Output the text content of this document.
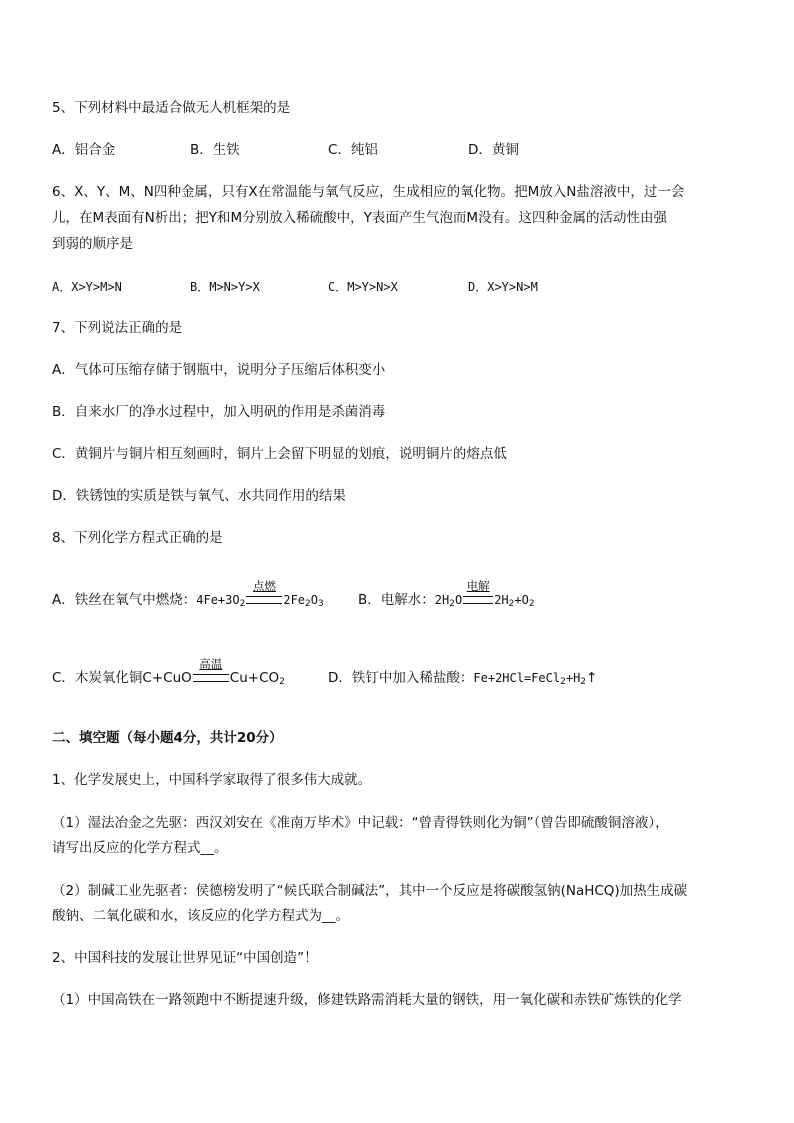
5、下列材料中最适合做无人机框架的是
A．铝合金	B．生铁	C．纯铝	D．黄铜
6、X、Y、M、N四种金属，只有X在常温能与氧气反应，生成相应的氧化物。把M放入N盐溶液中，过一会
儿，在M表面有N析出；把Y和M分别放入稀硫酸中，Y表面产生气泡而M没有。这四种金属的活动性由强
到弱的顺序是
A．X>Y>M>N	B．M>N>Y>X	C．M>Y>N>X	D．X>Y>N>M
7、下列说法正确的是
A．气体可压缩存储于钢瓶中，说明分子压缩后体积变小
B．自来水厂的净水过程中，加入明矾的作用是杀菌消毒
C．黄铜片与铜片相互刻画时，铜片上会留下明显的划痕，说明铜片的熔点低
D．铁锈蚀的实质是铁与氧气、水共同作用的结果
8、下列化学方程式正确的是
A．铁丝在氧气中燃烧：$4Fe+3O_2$
点燃
$2Fe_2O_3$	B．电解水：$2H_2O$
电解
$2H_2+O_2$
C．木炭氧化铜C+CuO
高温
$Cu+CO_2$	D．铁钉中加入稀盐酸：$Fe+2HCl=FeCl_2+H_2↑$
二、填空题（每小题4分，共计20分）
1、化学发展史上，中国科学家取得了很多伟大成就。
（1）湿法冶金之先驱：西汉刘安在《准南万毕术》中记载：“曾青得铁则化为铜”（曾告即硫酸铜溶液），
请写出反应的化学方程式__。
（2）制碱工业先驱者：侯德榜发明了“候氏联合制碱法”，其中一个反应是将碳酸氢钠(NaHCQ)加热生成碳
酸钠、二氧化碳和水，该反应的化学方程式为__。
2、中国科技的发展让世界见证“中国创造”！
（1）中国高铁在一路领跑中不断提速升级，修建铁路需消耗大量的钢铁，用一氧化碳和赤铁矿炼铁的化学
